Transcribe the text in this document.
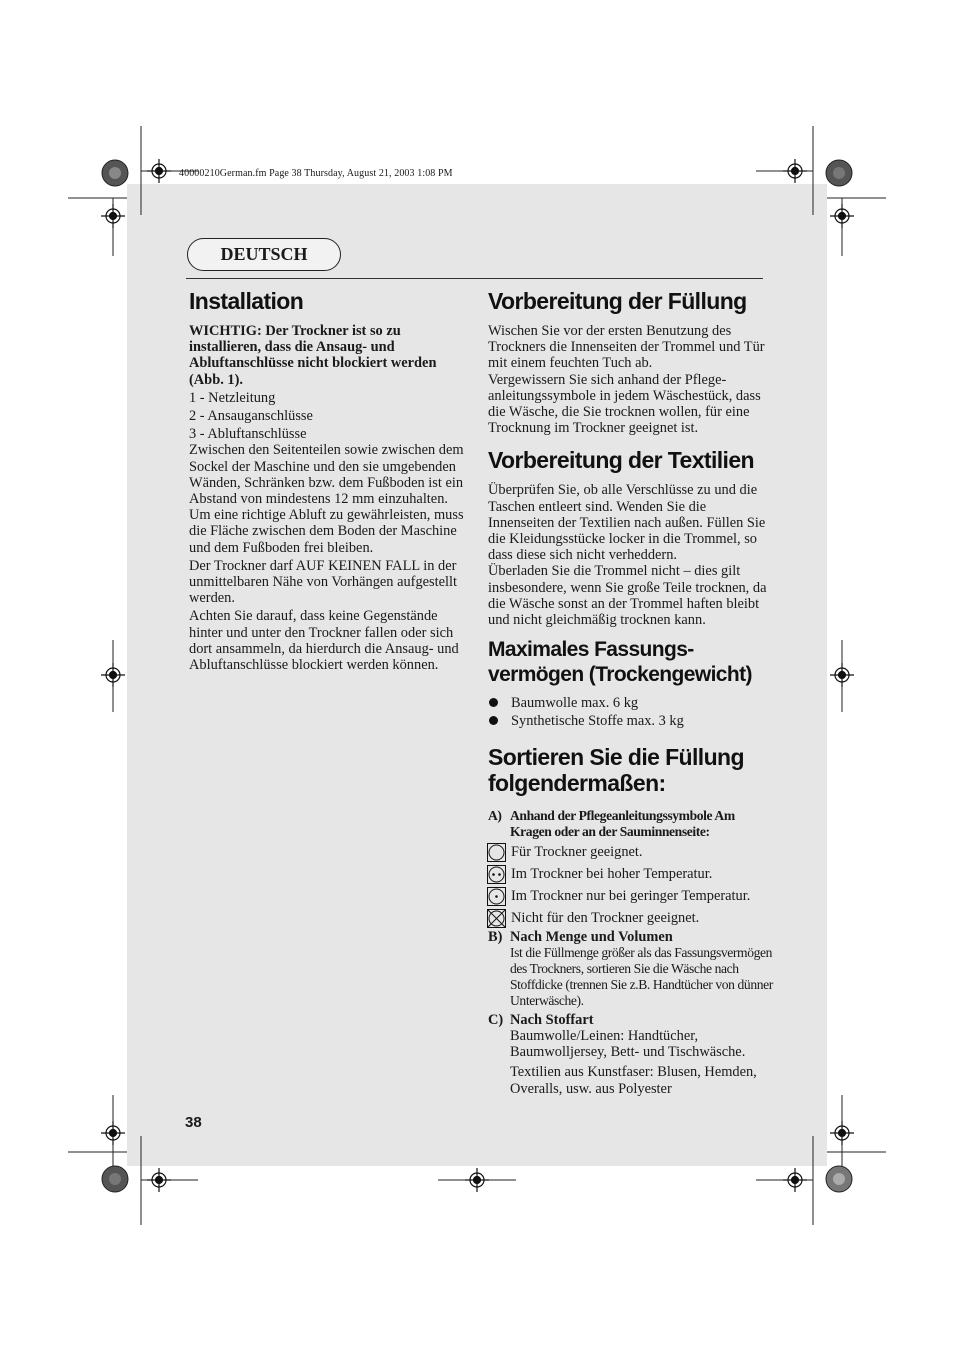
40000210German.fm Page 38 Thursday, August 21, 2003 1:08 PM
DEUTSCH
Installation

WICHTIG: Der Trockner ist so zu installieren, dass die Ansaug- und Abluftanschlüsse nicht blockiert werden (Abb. 1).

1 - Netzleitung

2 - Ansauganschlüsse

3 - Abluftanschlüsse

Zwischen den Seitenteilen sowie zwischen dem Sockel der Maschine und den sie umgebenden Wänden, Schränken bzw. dem Fußboden ist ein Abstand von mindestens 12 mm einzuhalten.

Um eine richtige Abluft zu gewährleisten, muss die Fläche zwischen dem Boden der Maschine und dem Fußboden frei bleiben.

Der Trockner darf AUF KEINEN FALL in der unmittelbaren Nähe von Vorhängen aufgestellt werden.

Achten Sie darauf, dass keine Gegenstände hinter und unter den Trockner fallen oder sich dort ansammeln, da hierdurch die Ansaug- und Abluftanschlüsse blockiert werden können.

Vorbereitung der Füllung

Wischen Sie vor der ersten Benutzung des Trockners die Innenseiten der Trommel und Tür mit einem feuchten Tuch ab.

Vergewissern Sie sich anhand der Pflege-anleitungssymbole in jedem Wäschestück, dass die Wäsche, die Sie trocknen wollen, für eine Trocknung im Trockner geeignet ist.

Vorbereitung der Textilien

Überprüfen Sie, ob alle Verschlüsse zu und die Taschen entleert sind. Wenden Sie die Innenseiten der Textilien nach außen. Füllen Sie die Kleidungsstücke locker in die Trommel, so dass diese sich nicht verheddern.

Überladen Sie die Trommel nicht – dies gilt insbesondere, wenn Sie große Teile trocknen, da die Wäsche sonst an der Trommel haften bleibt und nicht gleichmäßig trocknen kann.

Maximales Fassungs-
vermögen (Trockengewicht)
Baumwolle max. 6 kg
Synthetische Stoffe max. 3 kg
Sortieren Sie die Füllung
folgendermaßen:
A) Anhand der Pflegeanleitungssymbole Am Kragen oder an der Sauminnenseite:
Für Trockner geeignet.
Im Trockner bei hoher Temperatur.
Im Trockner nur bei geringer Temperatur.
Nicht für den Trockner geeignet.
B) Nach Menge und Volumen
Ist die Füllmenge größer als das Fassungsvermögen des Trockners, sortieren Sie die Wäsche nach Stoffdicke (trennen Sie z.B. Handtücher von dünner Unterwäsche).
C) Nach Stoffart
Baumwolle/Leinen: Handtücher, Baumwolljersey, Bett- und Tischwäsche.
Textilien aus Kunstfaser: Blusen, Hemden, Overalls, usw. aus Polyester
38
